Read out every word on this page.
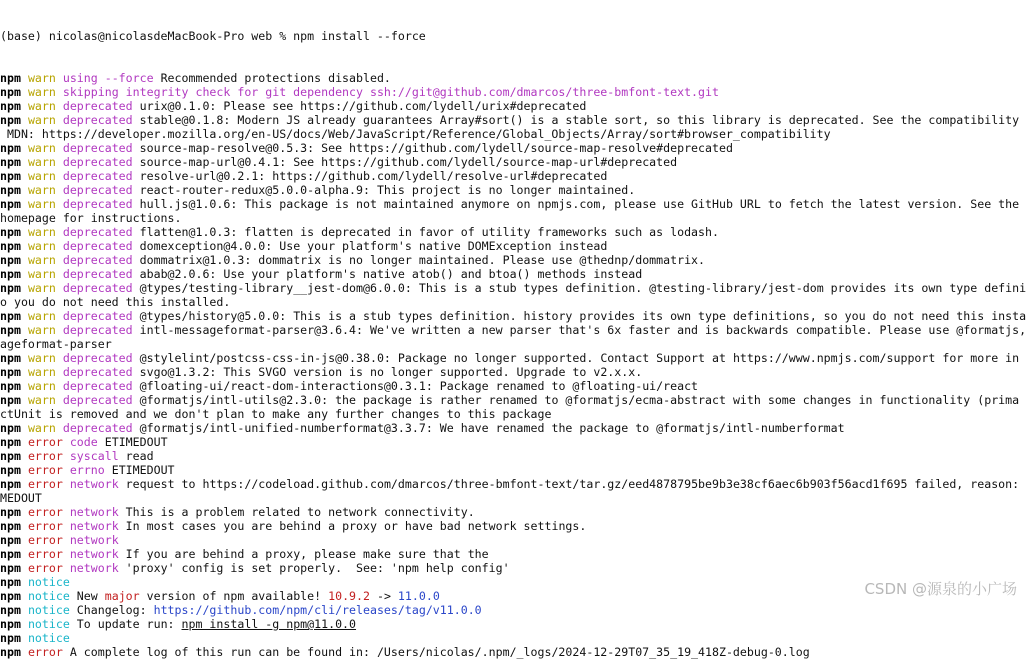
(base) nicolas@nicolasdeMacBook-Pro web % npm install --force

npm warn using --force Recommended protections disabled.
npm warn skipping integrity check for git dependency ssh://git@github.com/dmarcos/three-bmfont-text.git
npm warn deprecated urix@0.1.0: Please see https://github.com/lydell/urix#deprecated
npm warn deprecated stable@0.1.8: Modern JS already guarantees Array#sort() is a stable sort, so this library is deprecated. See the compatibility
MDN: https://developer.mozilla.org/en-US/docs/Web/JavaScript/Reference/Global_Objects/Array/sort#browser_compatibility
npm warn deprecated source-map-resolve@0.5.3: See https://github.com/lydell/source-map-resolve#deprecated
npm warn deprecated source-map-url@0.4.1: See https://github.com/lydell/source-map-url#deprecated
npm warn deprecated resolve-url@0.2.1: https://github.com/lydell/resolve-url#deprecated
npm warn deprecated react-router-redux@5.0.0-alpha.9: This project is no longer maintained.
npm warn deprecated hull.js@1.0.6: This package is not maintained anymore on npmjs.com, please use GitHub URL to fetch the latest version. See the
homepage for instructions.
npm warn deprecated flatten@1.0.3: flatten is deprecated in favor of utility frameworks such as lodash.
npm warn deprecated domexception@4.0.0: Use your platform's native DOMException instead
npm warn deprecated dommatrix@1.0.3: dommatrix is no longer maintained. Please use @thednp/dommatrix.
npm warn deprecated abab@2.0.6: Use your platform's native atob() and btoa() methods instead
npm warn deprecated @types/testing-library__jest-dom@6.0.0: This is a stub types definition. @testing-library/jest-dom provides its own type defini
o you do not need this installed.
npm warn deprecated @types/history@5.0.0: This is a stub types definition. history provides its own type definitions, so you do not need this insta
npm warn deprecated intl-messageformat-parser@3.6.4: We've written a new parser that's 6x faster and is backwards compatible. Please use @formatjs,
ageformat-parser
npm warn deprecated @stylelint/postcss-css-in-js@0.38.0: Package no longer supported. Contact Support at https://www.npmjs.com/support for more in
npm warn deprecated svgo@1.3.2: This SVGO version is no longer supported. Upgrade to v2.x.x.
npm warn deprecated @floating-ui/react-dom-interactions@0.3.1: Package renamed to @floating-ui/react
npm warn deprecated @formatjs/intl-utils@2.3.0: the package is rather renamed to @formatjs/ecma-abstract with some changes in functionality (prima
ctUnit is removed and we don't plan to make any further changes to this package
npm warn deprecated @formatjs/intl-unified-numberformat@3.3.7: We have renamed the package to @formatjs/intl-numberformat
npm error code ETIMEDOUT
npm error syscall read
npm error errno ETIMEDOUT
npm error network request to https://codeload.github.com/dmarcos/three-bmfont-text/tar.gz/eed4878795be9b3e38cf6aec6b903f56acd1f695 failed, reason:
MEDOUT
npm error network This is a problem related to network connectivity.
npm error network In most cases you are behind a proxy or have bad network settings.
npm error network
npm error network If you are behind a proxy, please make sure that the
npm error network 'proxy' config is set properly.  See: 'npm help config'
npm notice
npm notice New major version of npm available! 10.9.2 -> 11.0.0
npm notice Changelog: https://github.com/npm/cli/releases/tag/v11.0.0
npm notice To update run: npm install -g npm@11.0.0
npm notice
npm error A complete log of this run can be found in: /Users/nicolas/.npm/_logs/2024-12-29T07_35_19_418Z-debug-0.log
CSDN @源泉的小广场
